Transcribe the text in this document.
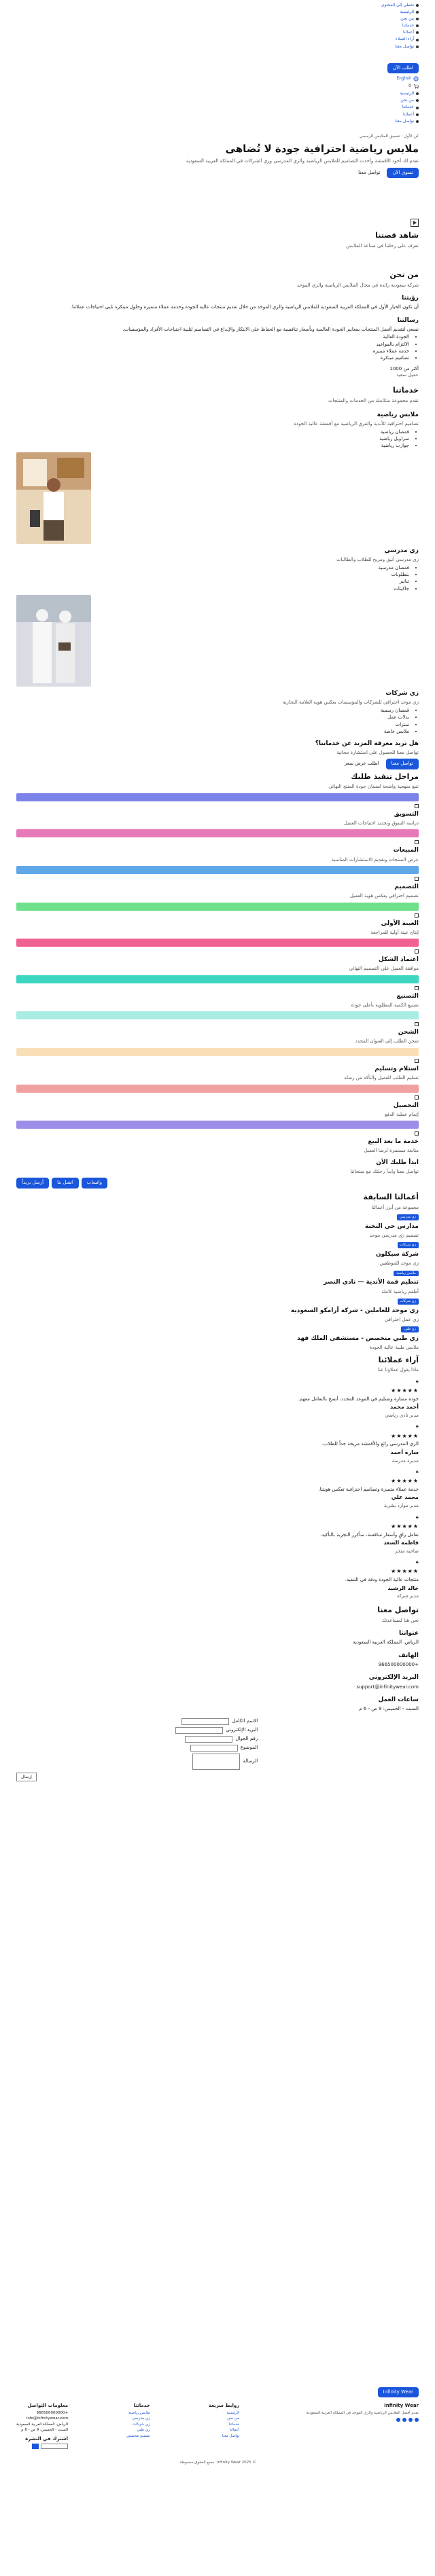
تخطي إلى المحتوى
الرئيسية
من نحن
خدماتنا
أعمالنا
آراء العملاء
تواصل معنا
اطلب الآن
English
0
الرئيسية
من نحن
خدماتنا
أعمالنا
تواصل معنا
كن الأول · تنسيق الملابس الرسمي
ملابس رياضية احترافية جودة لا تُضاهى

نقدم لك أجود الأقمشة وأحدث التصاميم للملابس الرياضية والزي المدرسي وزي الشركات في المملكة العربية السعودية

تسوق الآن
تواصل معنا
شاهد قصتنا

تعرف على رحلتنا في صناعة الملابس

من نحن

شركة سعودية رائدة في مجال الملابس الرياضية والزي الموحد

رؤيتنا

أن نكون الخيار الأول في المملكة العربية السعودية للملابس الرياضية والزي الموحد من خلال تقديم منتجات عالية الجودة وخدمة عملاء متميزة وحلول مبتكرة تلبي احتياجات عملائنا.

رسالتنا

نسعى لتقديم أفضل المنتجات بمعايير الجودة العالمية وبأسعار تنافسية مع الحفاظ على الابتكار والإبداع في التصاميم لتلبية احتياجات الأفراد والمؤسسات.

• الجودة العالية
• الالتزام بالمواعيد
• خدمة عملاء مميزة
• تصاميم مبتكرة
أكثر من 1000
عميل سعيد
خدماتنا

نقدم مجموعة متكاملة من الخدمات والمنتجات

ملابس رياضية

تصاميم احترافية للأندية والفرق الرياضية مع أقمشة عالية الجودة

• قمصان رياضية
• سراويل رياضية
• جوارب رياضية
زي مدرسي

زي مدرسي أنيق ومريح للطلاب والطالبات

• قمصان مدرسية
• بنطلونات
• تنانير
• جاكيتات
زي شركات

زي موحد احترافي للشركات والمؤسسات يعكس هوية العلامة التجارية

• قمصان رسمية
• بدلات عمل
• سترات
• ملابس خاصة
هل تريد معرفة المزيد عن خدماتنا؟

تواصل معنا للحصول على استشارة مجانية

تواصل معنا
اطلب عرض سعر
مراحل تنفيذ طلبك

نتبع منهجية واضحة لضمان جودة المنتج النهائي

التسويق

دراسة السوق وتحديد احتياجات العميل

المبيعات

عرض المنتجات وتقديم الاستشارات المناسبة

التصميم

تصميم احترافي يعكس هوية العميل

العينة الأولى

إنتاج عينة أولية للمراجعة

اعتماد الشكل

موافقة العميل على التصميم النهائي

التصنيع

تصنيع الكمية المطلوبة بأعلى جودة

الشحن

شحن الطلب إلى العنوان المحدد

استلام وتسليم

تسليم الطلب للعميل والتأكد من رضاه

التحصيل

إتمام عملية الدفع

خدمة ما بعد البيع

متابعة مستمرة لرضا العميل

ابدأ طلبك الآن

تواصل معنا وابدأ رحلتك مع منتجاتنا

واتساب
اتصل بنا
أرسل بريداً
أعمالنا السابقة

مجموعة من أبرز أعمالنا

زي مدرسي
مدارس حي النخبة

تصميم زي مدرسي موحد

زي شركات
شركة سيكلون

زي موحد للموظفين

ملابس رياضية
تنظيم قمة الأندية — نادي النصر

أطقم رياضية كاملة

زي شركات
زي موحد للعاملين - شركة أرامكو السعودية

زي عمل احترافي

زي طبي
زي طبي متخصص - مستشفى الملك فهد

ملابس طبية عالية الجودة

آراء عملائنا

ماذا يقول عملاؤنا عنا

❝
★★★★★

جودة ممتازة وتسليم في الموعد المحدد، أنصح بالتعامل معهم.

أحمد محمد

مدير نادي رياضي

❝
★★★★★

الزي المدرسي رائع والأقمشة مريحة جداً للطلاب.

سارة أحمد

مديرة مدرسة

❝
★★★★★

خدمة عملاء متميزة وتصاميم احترافية تعكس هويتنا.

محمد علي

مدير موارد بشرية

❝
★★★★★

تعامل راقٍ وأسعار منافسة، سأكرر التجربة بالتأكيد.

فاطمة السعد

صاحبة متجر

❝
★★★★★

منتجات عالية الجودة ودقة في التنفيذ.

خالد الرشيد

مدير شركة

تواصل معنا

نحن هنا لمساعدتك

عنواننا

الرياض، المملكة العربية السعودية

الهاتف

+966500000000

البريد الإلكتروني

support@infinitywear.com

ساعات العمل

السبت - الخميس: 9 ص - 6 م

الاسم الكامل
البريد الإلكتروني
رقم الجوال
الموضوع
الرسالة
إرسال
Infinity Wear
Infinity Wear
نقدم أفضل الملابس الرياضية والزي الموحد في المملكة العربية السعودية
روابط سريعة
الرئيسية
من نحن
خدماتنا
أعمالنا
تواصل معنا
خدماتنا
ملابس رياضية
زي مدرسي
زي شركات
زي طبي
تصميم مخصص
معلومات التواصل
+966500000000
info@infinitywear.com
الرياض، المملكة العربية السعودية
السبت - الخميس: 9 ص - 6 م
اشترك في النشرة
© 2025 Infinity Wear. جميع الحقوق محفوظة.
